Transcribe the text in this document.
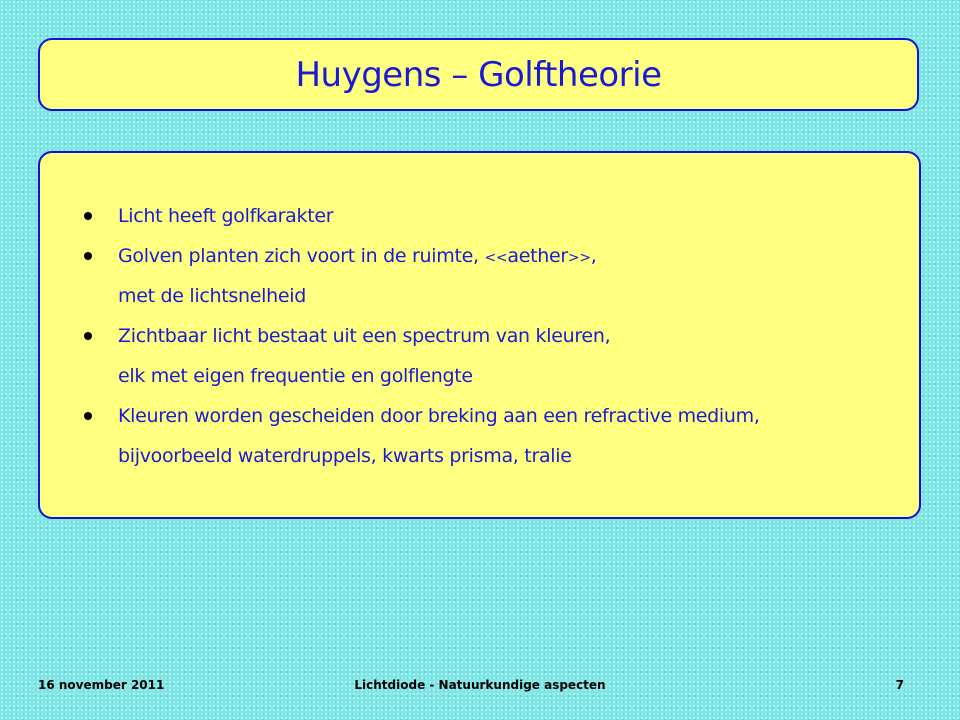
Huygens – Golftheorie
Licht heeft golfkarakter
Golven planten zich voort in de ruimte, <<aether>>,
met de lichtsnelheid
Zichtbaar licht bestaat uit een spectrum van kleuren,
elk met eigen frequentie en golflengte
Kleuren worden gescheiden door breking aan een refractive medium,
bijvoorbeeld waterdruppels, kwarts prisma, tralie
16 november 2011	Lichtdiode - Natuurkundige aspecten	7
